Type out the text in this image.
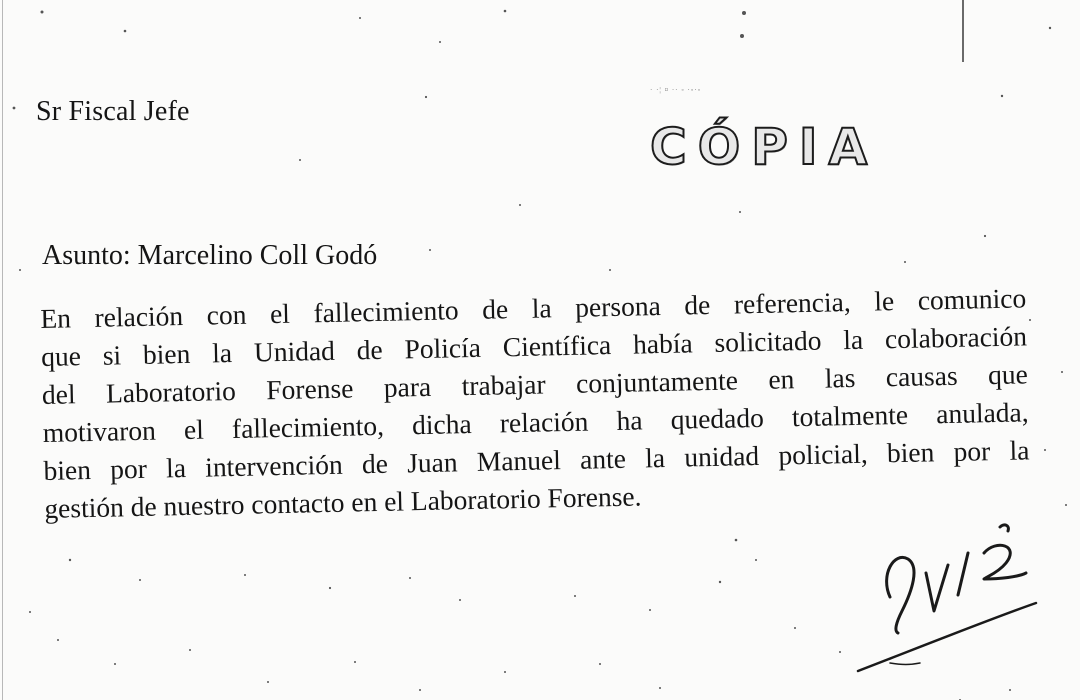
Sr Fiscal Jefe
· ·¦ ¤ ·· ◦ ·◦·◦
CÓPIA
Asunto: Marcelino Coll Godó
En relación con el fallecimiento de la persona de referencia, le comunico
que si bien la Unidad de Policía Científica había solicitado la colaboración
del Laboratorio Forense para trabajar conjuntamente en las causas que
motivaron el fallecimiento, dicha relación ha quedado totalmente anulada,
bien por la intervención de Juan Manuel ante la unidad policial, bien por la
gestión de nuestro contacto en el Laboratorio Forense.
